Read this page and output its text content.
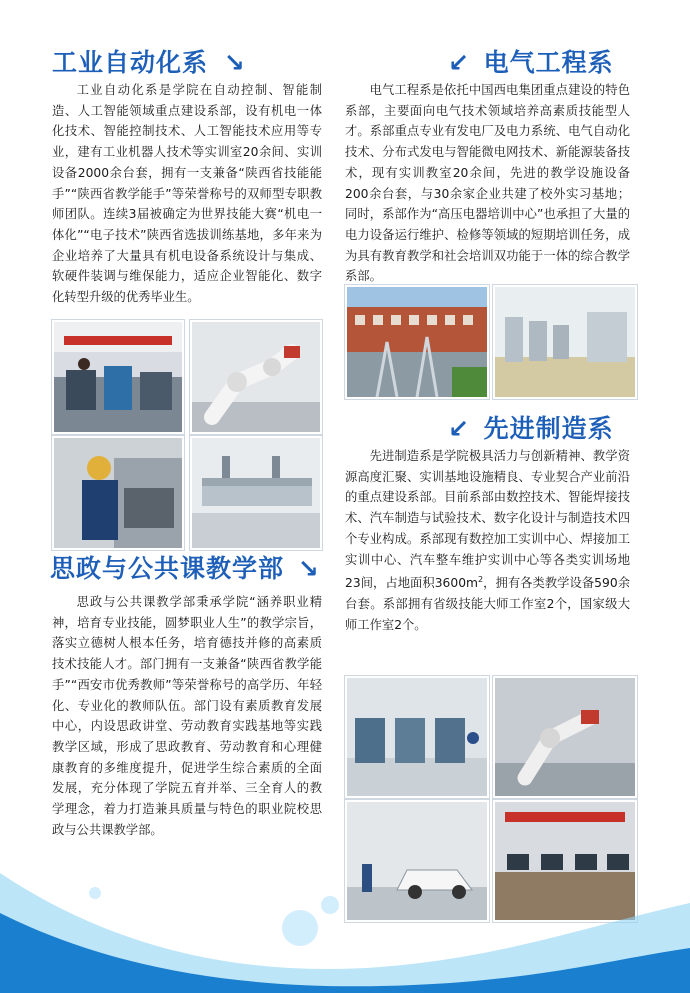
工业自动化系 ↘

工业自动化系是学院在自动控制、智能制造、人工智能领域重点建设系部，设有机电一体化技术、智能控制技术、人工智能技术应用等专业，建有工业机器人技术等实训室20余间、实训设备2000余台套，拥有一支兼备“陕西省技能能手”“陕西省教学能手”等荣誉称号的双师型专职教师团队。连续3届被确定为世界技能大赛“机电一体化”“电子技术”陕西省选拔训练基地，多年来为企业培养了大量具有机电设备系统设计与集成、软硬件装调与维保能力，适应企业智能化、数字化转型升级的优秀毕业生。

思政与公共课教学部 ↘

思政与公共课教学部秉承学院“涵养职业精神，培育专业技能，圆梦职业人生”的教学宗旨，落实立德树人根本任务，培育德技并修的高素质技术技能人才。部门拥有一支兼备“陕西省教学能手”“西安市优秀教师”等荣誉称号的高学历、年轻化、专业化的教师队伍。部门设有素质教育发展中心，内设思政讲堂、劳动教育实践基地等实践教学区域，形成了思政教育、劳动教育和心理健康教育的多维度提升，促进学生综合素质的全面发展，充分体现了学院五育并举、三全育人的教学理念，着力打造兼具质量与特色的职业院校思政与公共课教学部。

↙ 电气工程系

电气工程系是依托中国西电集团重点建设的特色系部，主要面向电气技术领域培养高素质技能型人才。系部重点专业有发电厂及电力系统、电气自动化技术、分布式发电与智能微电网技术、新能源装备技术，现有实训教室20余间，先进的教学设施设备200余台套，与30余家企业共建了校外实习基地；同时，系部作为“高压电器培训中心”也承担了大量的电力设备运行维护、检修等领域的短期培训任务，成为具有教育教学和社会培训双功能于一体的综合教学系部。

↙ 先进制造系

先进制造系是学院极具活力与创新精神、教学资源高度汇聚、实训基地设施精良、专业契合产业前沿的重点建设系部。目前系部由数控技术、智能焊接技术、汽车制造与试验技术、数字化设计与制造技术四个专业构成。系部现有数控加工实训中心、焊接加工实训中心、汽车整车维护实训中心等各类实训场地23间，占地面积$3600m^2$，拥有各类教学设备590余台套。系部拥有省级技能大师工作室2个，国家级大师工作室2个。
